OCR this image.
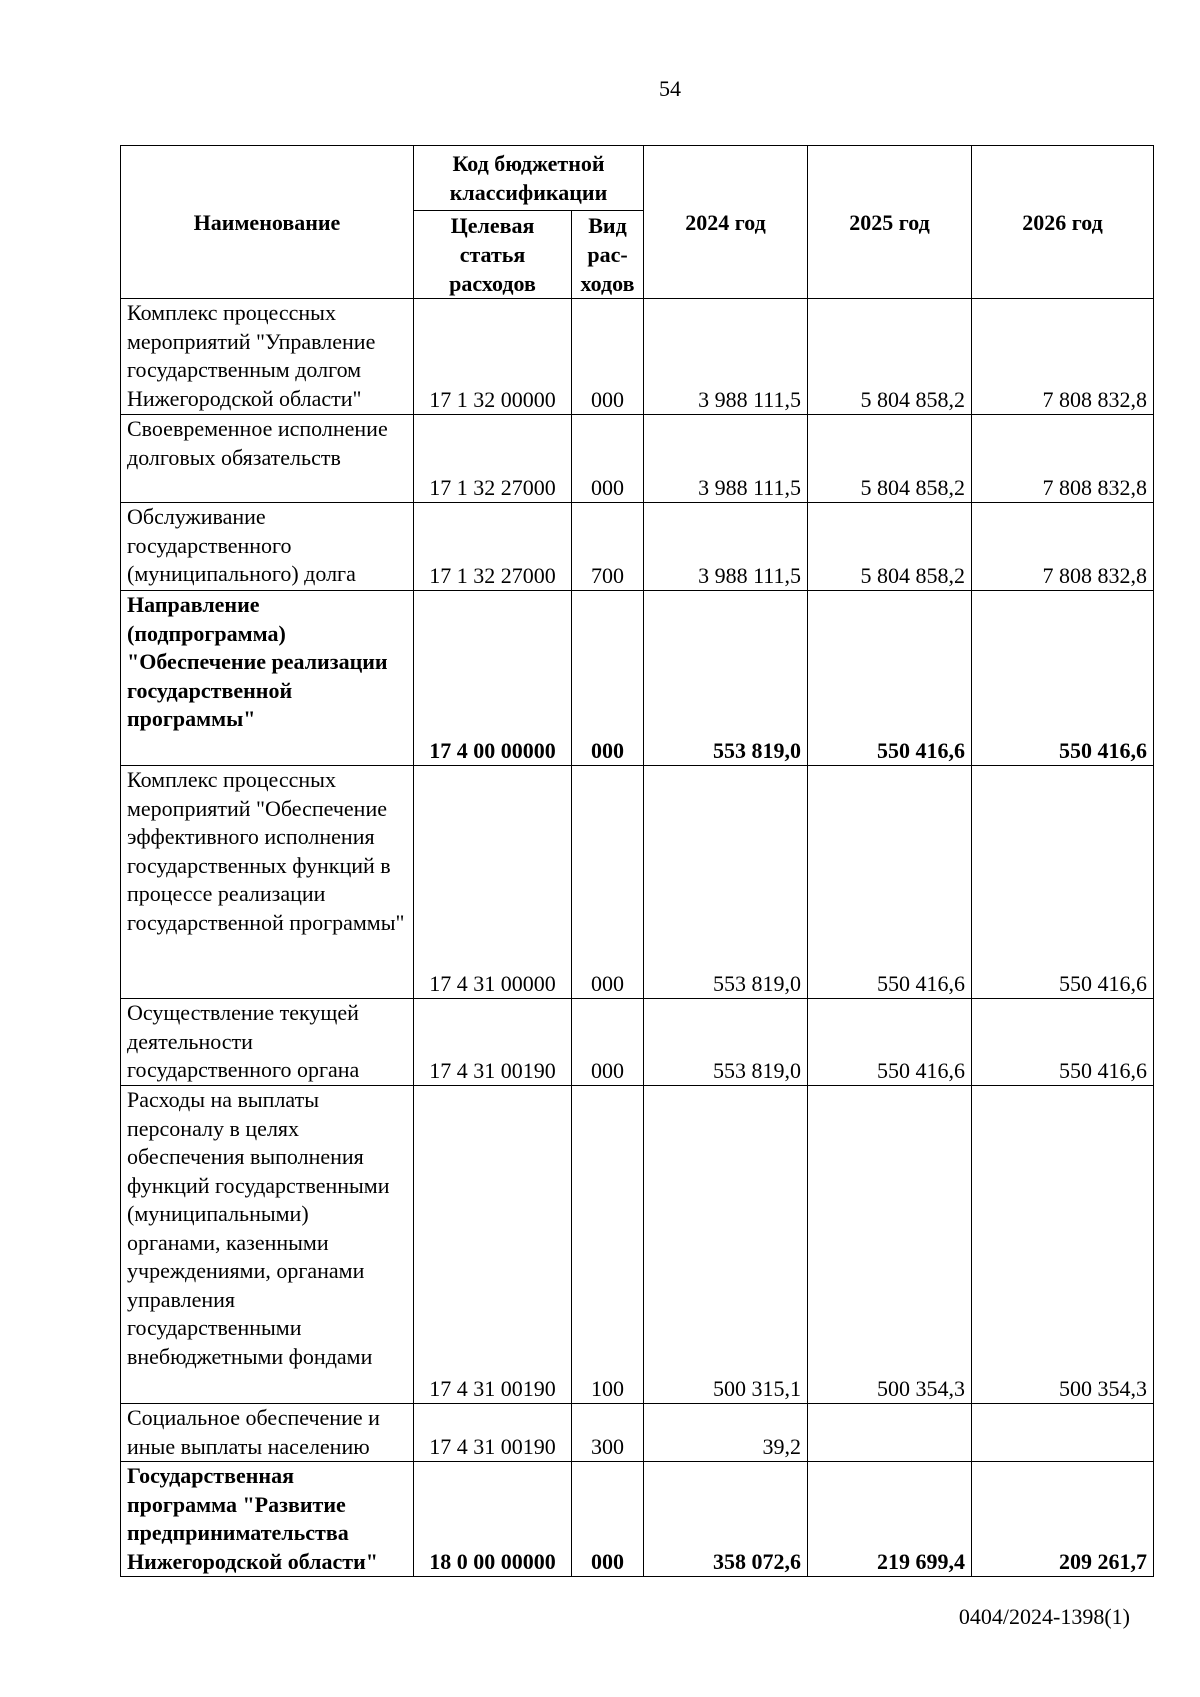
54
Наименование	Код бюджетной классификации		2024 год	2025 год	2026 год
	Целевая статья расходов	Вид рас-ходов			
Комплекс процессных мероприятий "Управление государственным долгом Нижегородской области"	17 1 32 00000	000	3 988 111,5	5 804 858,2	7 808 832,8
Своевременное исполнение долговых обязательств	17 1 32 27000	000	3 988 111,5	5 804 858,2	7 808 832,8
Обслуживание государственного (муниципального) долга	17 1 32 27000	700	3 988 111,5	5 804 858,2	7 808 832,8
Направление (подпрограмма) "Обеспечение реализации государственной программы"	17 4 00 00000	000	553 819,0	550 416,6	550 416,6
Комплекс процессных мероприятий "Обеспечение эффективного исполнения государственных функций в процессе реализации государственной программы"	17 4 31 00000	000	553 819,0	550 416,6	550 416,6
Осуществление текущей деятельности государственного органа	17 4 31 00190	000	553 819,0	550 416,6	550 416,6
Расходы на выплаты персоналу в целях обеспечения выполнения функций государственными (муниципальными) органами, казенными учреждениями, органами управления государственными внебюджетными фондами	17 4 31 00190	100	500 315,1	500 354,3	500 354,3
Социальное обеспечение и иные выплаты населению	17 4 31 00190	300	39,2		
Государственная программа "Развитие предпринимательства Нижегородской области"	18 0 00 00000	000	358 072,6	219 699,4	209 261,7
0404/2024-1398(1)
